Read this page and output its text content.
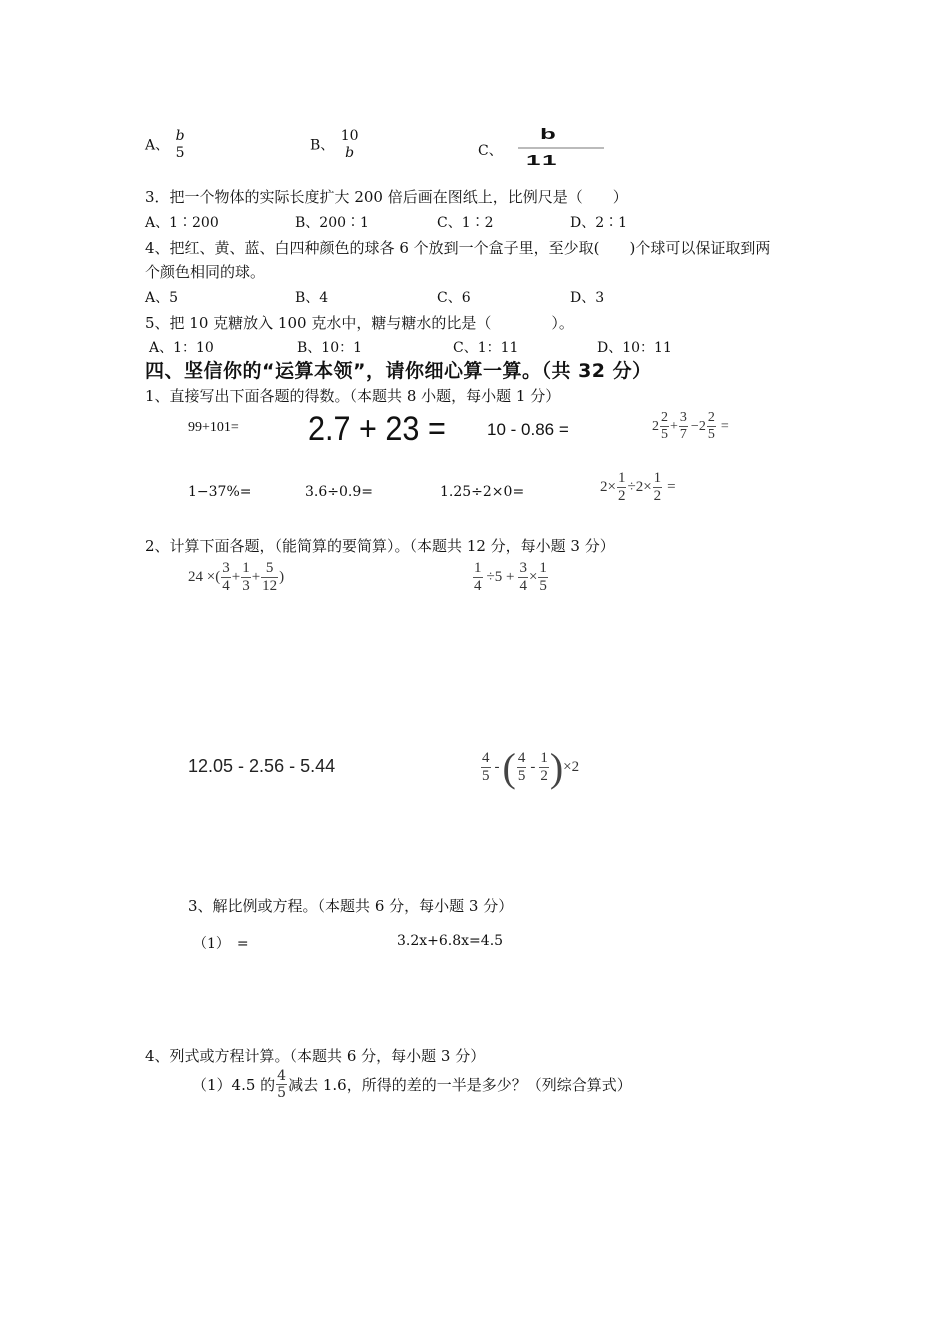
A、 $\frac{b}{5}$	B、 $\frac{10}{b}$	C、
b
11
3．把一个物体的实际长度扩大 200 倍后画在图纸上，比例尺是（　　）
A、1∶200	B、200∶1	C、1∶2	D、2∶1
4、把红、黄、蓝、白四种颜色的球各 6 个放到一个盒子里，至少取(　　)个球可以保证取到两
个颜色相同的球。
A、5	B、4	C、6	D、3
5、把 10 克糖放入 100 克水中，糖与糖水的比是（　　　　）。
A、1：10	B、10：1	C、1：11	D、10：11
四、坚信你的“运算本领”，请你细心算一算。（共 32 分）
1、直接写出下面各题的得数。（本题共 8 小题，每小题 1 分）
99+101= 2.7 + 23 = 10 - 0.86 =	$2 \frac{2}{5} + \frac{3}{7} - 2 \frac{2}{5}$ =
1−37%=	3.6÷0.9=	1.25÷2×0=	$2\times \frac{1}{2} \div 2\times \frac{1}{2}$ =
2、计算下面各题，（能简算的要简算）。（本题共 12 分，每小题 3 分）
24 ×( $\frac{3}{4} + \frac{1}{3} + \frac{5}{12}$ )	$\frac{1}{4} \div 5 + \frac{3}{4} \times \frac{1}{5}$
12.05 - 2.56 - 5.44	$\frac{4}{5}$ - ( $\frac{4}{5} - \frac{1}{2}$ ) ×2
3、解比例或方程。（本题共 6 分，每小题 3 分）
（1）　=	3.2x+6.8x=4.5
4、列式或方程计算。（本题共 6 分，每小题 3 分）
（1）4.5 的 $\frac{4}{5}$ 减去 1.6，所得的差的一半是多少？（列综合算式）
